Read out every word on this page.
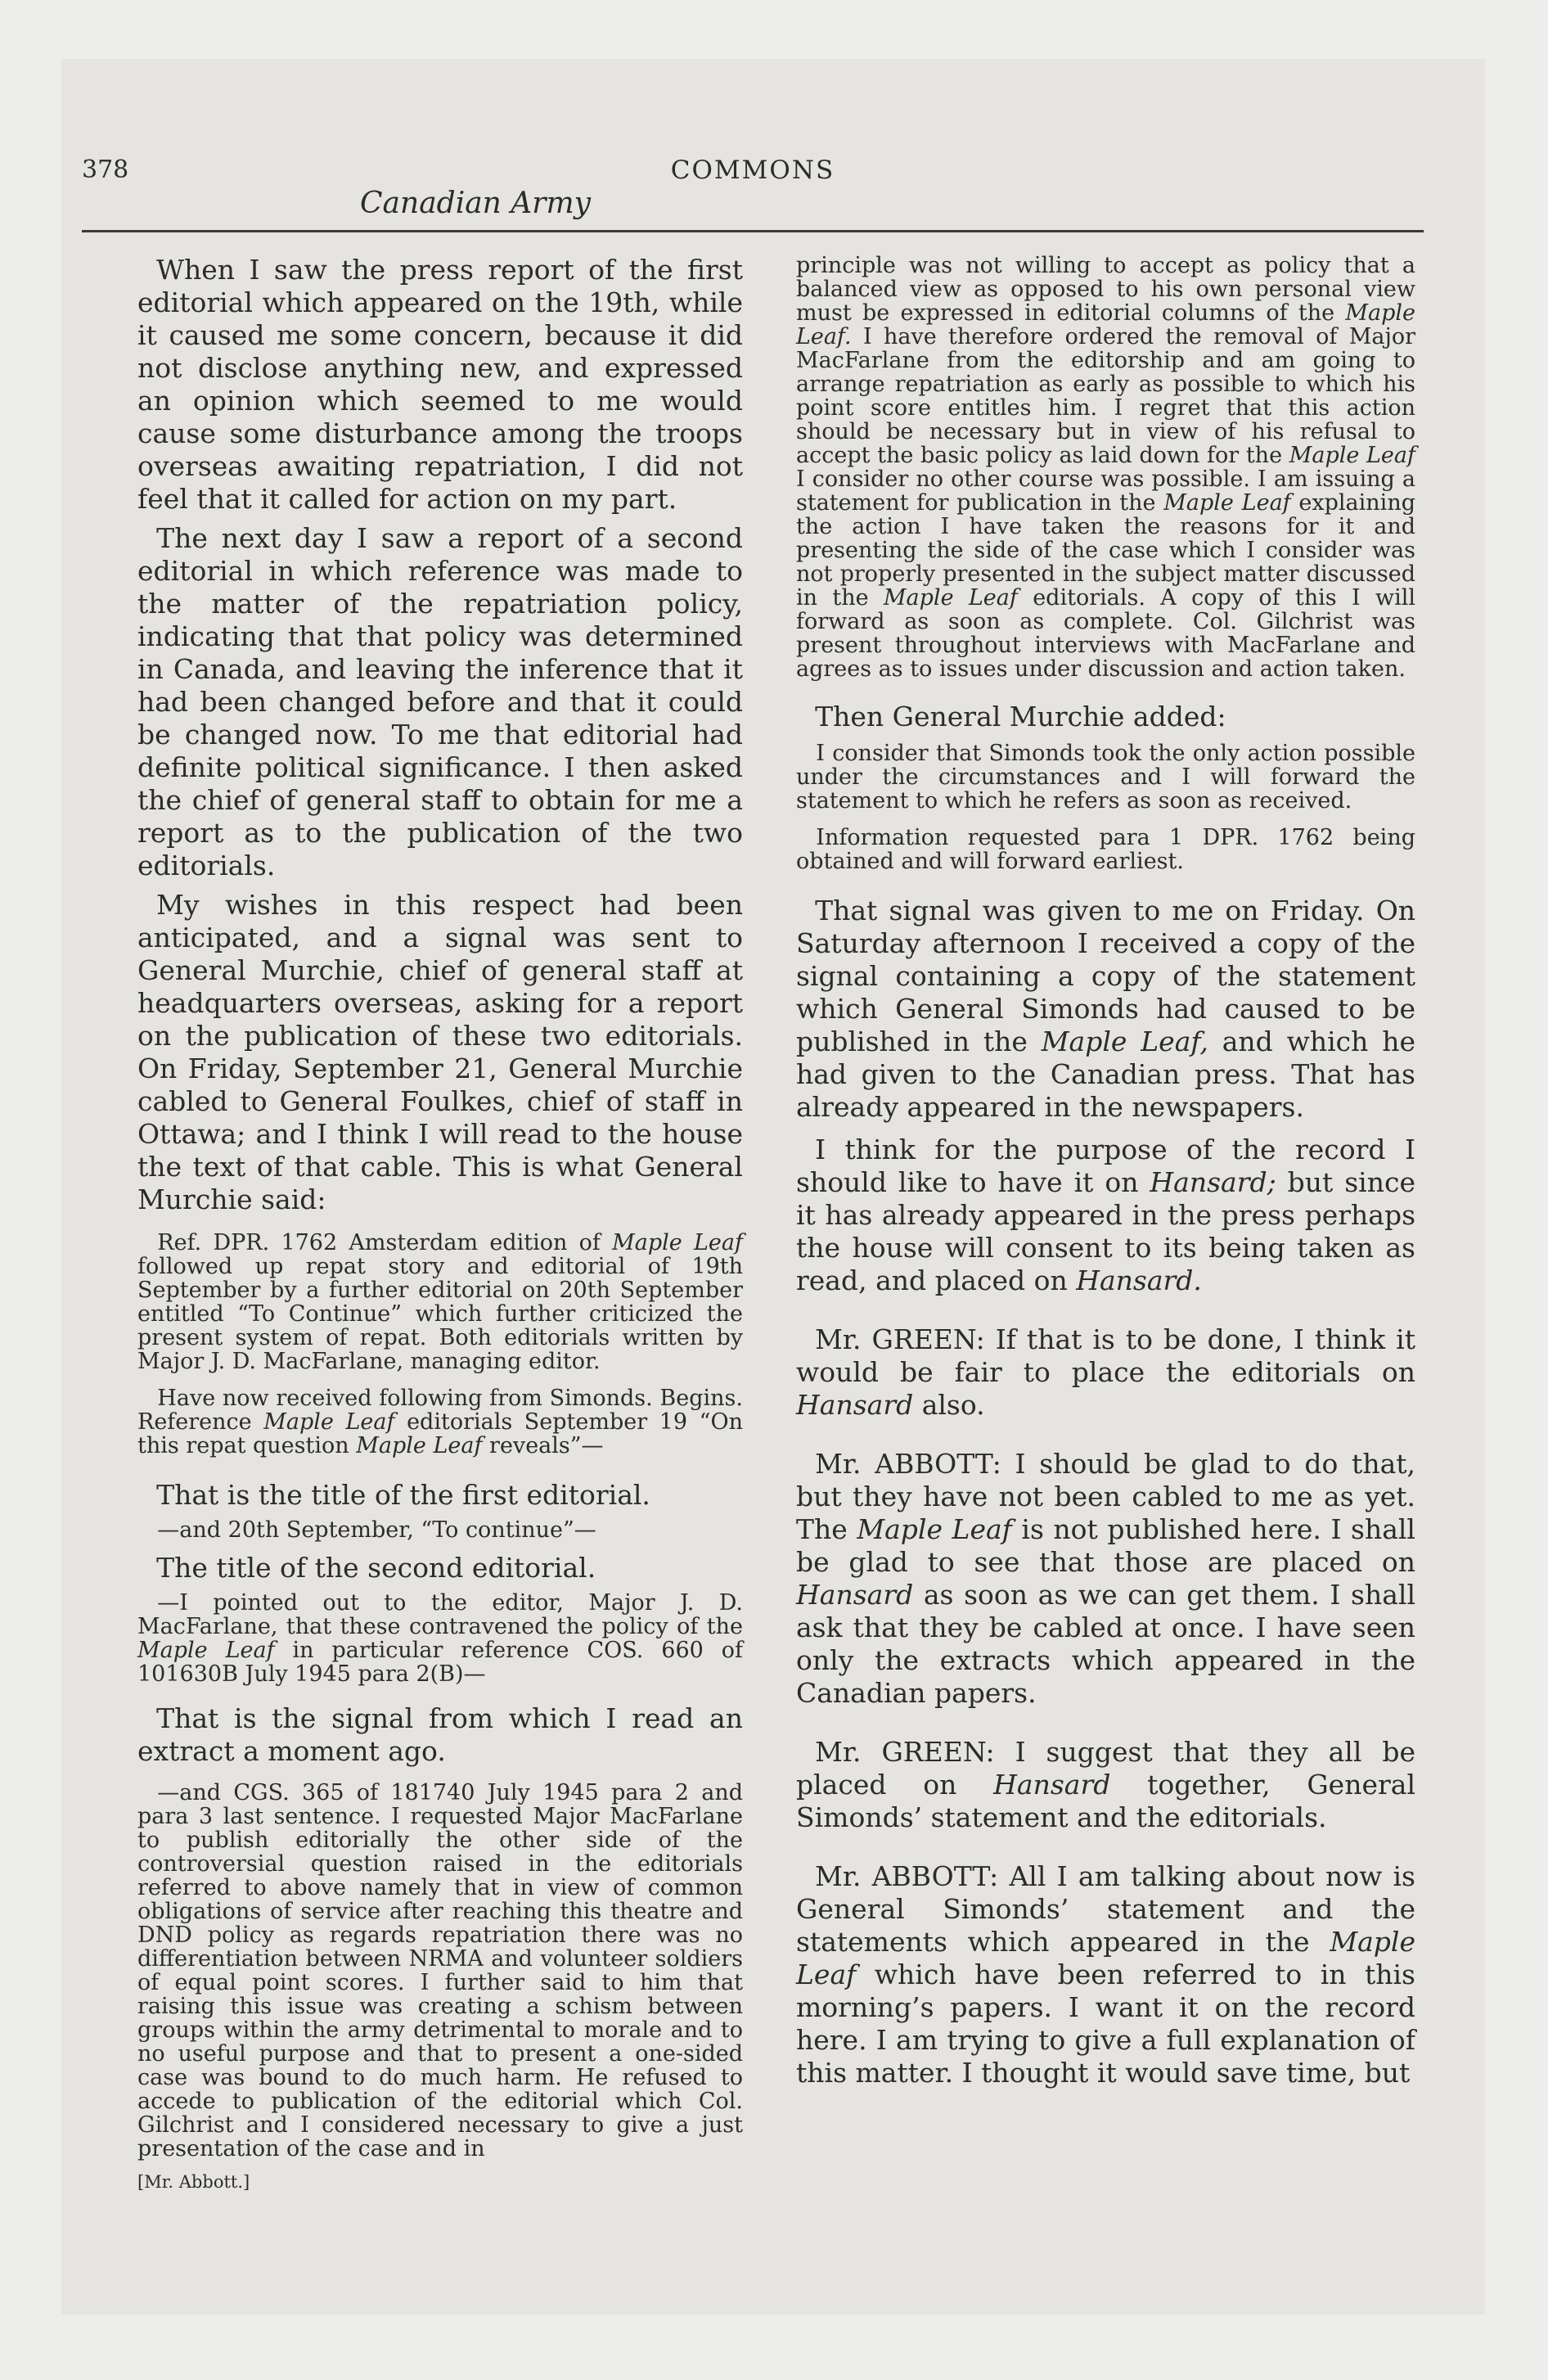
378	COMMONS
Canadian Army

When I saw the press report of the first editorial which appeared on the 19th, while it caused me some concern, because it did not disclose anything new, and expressed an opinion which seemed to me would cause some disturbance among the troops overseas awaiting repatriation, I did not feel that it called for action on my part.

The next day I saw a report of a second editorial in which reference was made to the matter of the repatriation policy, indicating that that policy was determined in Canada, and leaving the inference that it had been changed before and that it could be changed now. To me that editorial had definite political significance. I then asked the chief of general staff to obtain for me a report as to the publication of the two editorials.

My wishes in this respect had been anticipated, and a signal was sent to General Murchie, chief of general staff at headquarters overseas, asking for a report on the publication of these two editorials. On Friday, September 21, General Murchie cabled to General Foulkes, chief of staff in Ottawa; and I think I will read to the house the text of that cable. This is what General Murchie said:

Ref. DPR. 1762 Amsterdam edition of Maple Leaf followed up repat story and editorial of 19th September by a further editorial on 20th September entitled “To Continue” which further criticized the present system of repat. Both editorials written by Major J. D. MacFarlane, managing editor.

Have now received following from Simonds. Begins. Reference Maple Leaf editorials September 19 “On this repat question Maple Leaf reveals”—

That is the title of the first editorial.

—and 20th September, “To continue”—

The title of the second editorial.

—I pointed out to the editor, Major J. D. MacFarlane, that these contravened the policy of the Maple Leaf in particular reference COS. 660 of 101630B July 1945 para 2(B)—

That is the signal from which I read an extract a moment ago.

—and CGS. 365 of 181740 July 1945 para 2 and para 3 last sentence. I requested Major MacFarlane to publish editorially the other side of the controversial question raised in the editorials referred to above namely that in view of common obligations of service after reaching this theatre and DND policy as regards repatriation there was no differentiation between NRMA and volunteer soldiers of equal point scores. I further said to him that raising this issue was creating a schism between groups within the army detrimental to morale and to no useful purpose and that to present a one-sided case was bound to do much harm. He refused to accede to publication of the editorial which Col. Gilchrist and I considered necessary to give a just presentation of the case and in

[Mr. Abbott.]

principle was not willing to accept as policy that a balanced view as opposed to his own personal view must be expressed in editorial columns of the Maple Leaf. I have therefore ordered the removal of Major MacFarlane from the editorship and am going to arrange repatriation as early as possible to which his point score entitles him. I regret that this action should be necessary but in view of his refusal to accept the basic policy as laid down for the Maple Leaf I consider no other course was possible. I am issuing a statement for publication in the Maple Leaf explaining the action I have taken the reasons for it and presenting the side of the case which I consider was not properly presented in the subject matter discussed in the Maple Leaf editorials. A copy of this I will forward as soon as complete. Col. Gilchrist was present throughout interviews with MacFarlane and agrees as to issues under discussion and action taken.

Then General Murchie added:

I consider that Simonds took the only action possible under the circumstances and I will forward the statement to which he refers as soon as received.

Information requested para 1 DPR. 1762 being obtained and will forward earliest.

That signal was given to me on Friday. On Saturday afternoon I received a copy of the signal containing a copy of the statement which General Simonds had caused to be published in the Maple Leaf, and which he had given to the Canadian press. That has already appeared in the newspapers.

I think for the purpose of the record I should like to have it on Hansard; but since it has already appeared in the press perhaps the house will consent to its being taken as read, and placed on Hansard.

Mr. GREEN: If that is to be done, I think it would be fair to place the editorials on Hansard also.

Mr. ABBOTT: I should be glad to do that, but they have not been cabled to me as yet. The Maple Leaf is not published here. I shall be glad to see that those are placed on Hansard as soon as we can get them. I shall ask that they be cabled at once. I have seen only the extracts which appeared in the Canadian papers.

Mr. GREEN: I suggest that they all be placed on Hansard together, General Simonds’ statement and the editorials.

Mr. ABBOTT: All I am talking about now is General Simonds’ statement and the statements which appeared in the Maple Leaf which have been referred to in this morning’s papers. I want it on the record here. I am trying to give a full explanation of this matter. I thought it would save time, but
